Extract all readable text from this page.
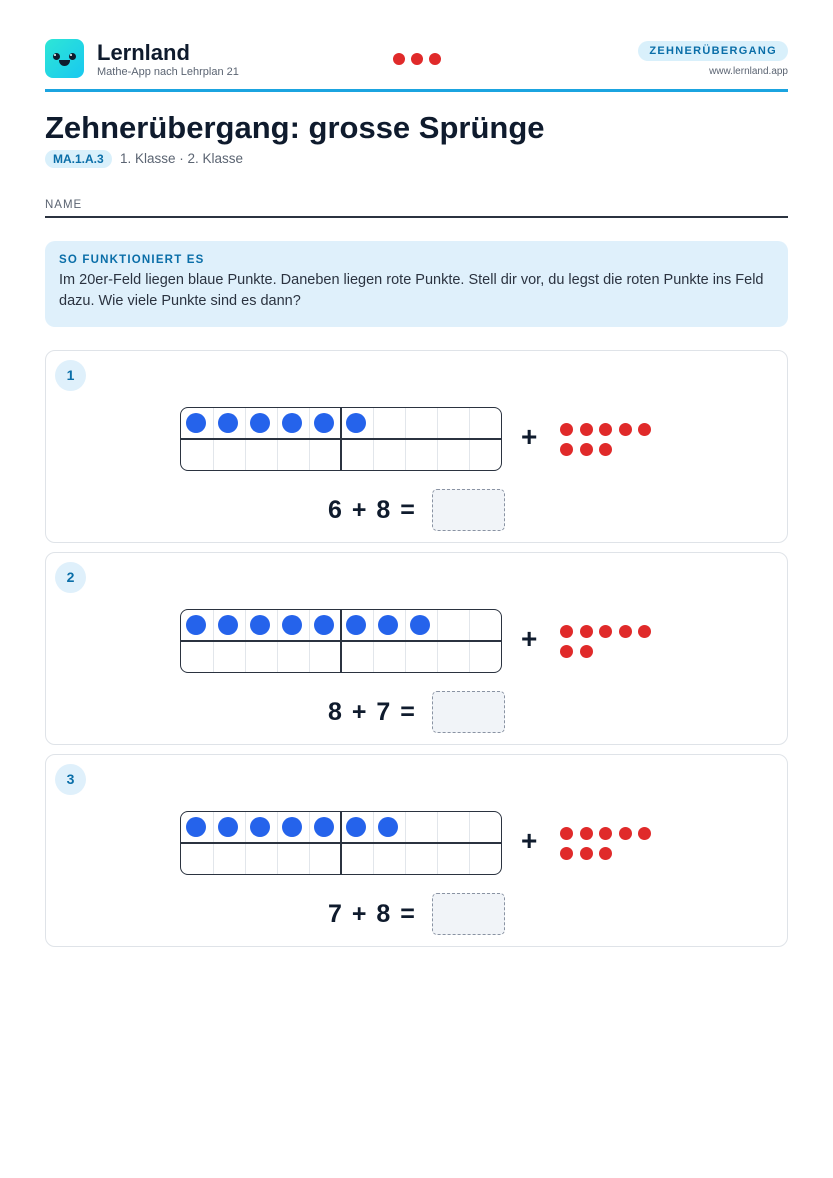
Lernland
Mathe-App nach Lehrplan 21
ZEHNERÜBERGANG
www.lernland.app
Zehnerübergang: grosse Sprünge
MA.1.A.3	1. Klasse · 2. Klasse
NAME
SO FUNKTIONIERT ES
Im 20er-Feld liegen blaue Punkte. Daneben liegen rote Punkte. Stell dir vor, du legst die roten Punkte ins Feld dazu. Wie viele Punkte sind es dann?
1
+
6 + 8 =
2
+
8 + 7 =
3
+
7 + 8 =
